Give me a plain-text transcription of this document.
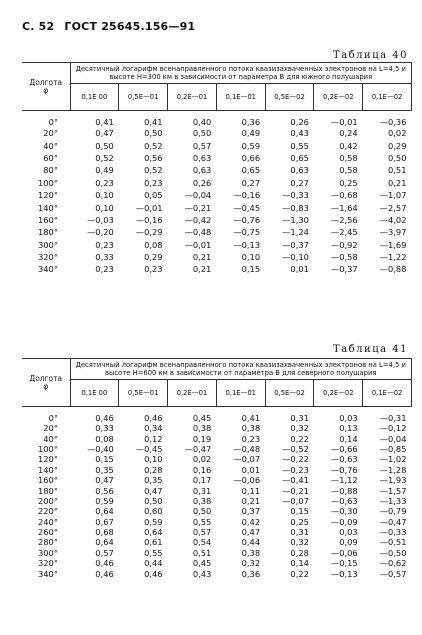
С. 52 ГОСТ 25645.156—91
Таблица 40
Долгота
φ	Десятичный логарифм всенаправленного потока квазизахваченных электронов на L=4,5 и высоте H=300 км в зависимости от параметра B для южного полушария						
	0,1E 00	0,5E—01	0,2E—01	0,1E—01	0,5E—02	0,2E—02	0,1E—02
0°	0,41	0,41	0,40	0,36	0,26	—0,01	—0,36
20°	0,47	0,50	0,50	0,49	0,43	0,24	0,02
40°	0,50	0,52	0,57	0,59	0,55	0,42	0,29
60°	0,52	0,56	0,63	0,66	0,65	0,58	0,50
80°	0,49	0,52	0,63	0,65	0,63	0,58	0,51
100°	0,23	0,23	0,26	0,27	0,27	0,25	0,21
120°	0,10	0,05	—0,04	—0,16	—0,33	—0,68	—1,07
140°	0,10	—0,01	—0,21	—0,45	—0,83	—1,64	—2,57
160°	—0,03	—0,16	—0,42	—0,76	—1,30	—2,56	—4,02
180°	—0,20	—0,29	—0,48	—0,75	—1,24	—2,45	—3,97
300°	0,23	0,08	—0,01	—0,13	—0,37	—0,92	—1,69
320°	0,33	0,29	0,21	0,10	—0,10	—0,58	—1,22
340°	0,23	0,23	0,21	0,15	0,01	—0,37	—0,88
Таблица 41
Долгота
φ	Десятичный логарифм всенаправленного потока квазизахваченных электронов на L=4,5 и высоте H=600 км в зависимости от параметра B для северного полушария						
	0,1E 00	0,5E—01	0,2E—01	0,1E—01	0,5E—02	0,2E—02	0,1E—02
0°	0,46	0,46	0,45	0,41	0,31	0,03	—0,31
20°	0,33	0,34	0,38	0,38	0,32	0,13	—0,12
40°	0,08	0,12	0,19	0,23	0,22	0,14	—0,04
100°	—0,40	—0,45	—0,47	—0,48	—0,52	—0,66	—0,85
120°	0,15	0,10	0,02	—0,07	—0,22	—0,63	—1,02
140°	0,35	0,28	0,16	0,01	—0,23	—0,76	—1,28
160°	0,47	0,35	0,17	—0,06	—0,41	—1,12	—1,93
180°	0,56	0,47	0,31	0,11	—0,21	—0,88	—1,57
200°	0,59	0,50	0,38	0,21	—0,07	—0,63	—1,33
220°	0,64	0,60	0,50	0,37	0,15	—0,30	—0,79
240°	0,67	0,59	0,55	0,42	0,25	—0,09	—0,47
260°	0,68	0,64	0,57	0,47	0,31	0,03	—0,33
280°	0,64	0,61	0,54	0,44	0,32	0,09	—0,51
300°	0,57	0,55	0,51	0,38	0,28	—0,06	—0,50
320°	0,46	0,44	0,45	0,32	0,14	—0,15	—0,62
340°	0,46	0,46	0,43	0,36	0,22	—0,13	—0,57
